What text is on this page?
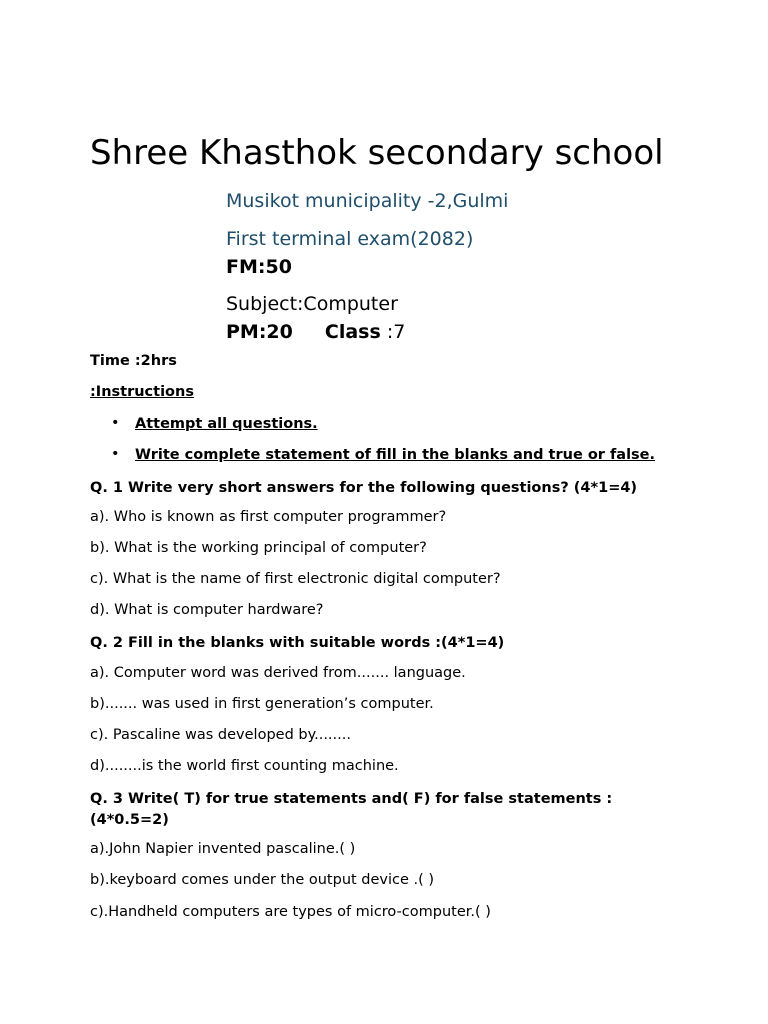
Shree Khasthok secondary school
Musikot municipality -2,Gulmi
First terminal exam(2082)
FM:50
Subject:Computer
PM:20 Class :7
Time :2hrs
:Instructions
• Attempt all questions.
• Write complete statement of fill in the blanks and true or false.
Q. 1 Write very short answers for the following questions? (4*1=4)
a). Who is known as first computer programmer?
b). What is the working principal of computer?
c). What is the name of first electronic digital computer?
d). What is computer hardware?
Q. 2 Fill in the blanks with suitable words :(4*1=4)
a). Computer word was derived from....... language.
b)....... was used in first generation’s computer.
c). Pascaline was developed by........
d)........is the world first counting machine.
Q. 3 Write( T) for true statements and( F) for false statements : (4*0.5=2)
a).John Napier invented pascaline.( )
b).keyboard comes under the output device .( )
c).Handheld computers are types of micro-computer.( )
